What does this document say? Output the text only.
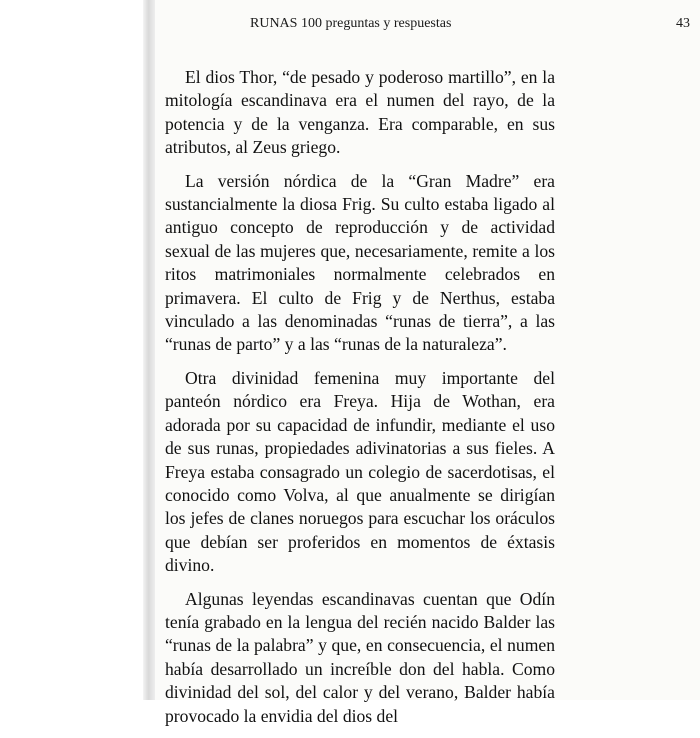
RUNAS 100 preguntas y respuestas	43

El dios Thor, “de pesado y poderoso martillo”, en la mitología escandinava era el numen del rayo, de la potencia y de la venganza. Era comparable, en sus atributos, al Zeus griego.

La versión nórdica de la “Gran Madre” era sustancialmente la diosa Frig. Su culto estaba ligado al antiguo concepto de reproducción y de actividad sexual de las mujeres que, necesariamente, remite a los ritos matrimoniales normalmente celebrados en primavera. El culto de Frig y de Nerthus, estaba vinculado a las denominadas “runas de tierra”, a las “runas de parto” y a las “runas de la naturaleza”.

Otra divinidad femenina muy importante del panteón nórdico era Freya. Hija de Wothan, era adorada por su capacidad de infundir, mediante el uso de sus runas, propiedades adivinatorias a sus fieles. A Freya estaba consagrado un colegio de sacerdotisas, el conocido como Volva, al que anualmente se dirigían los jefes de clanes noruegos para escuchar los oráculos que debían ser proferidos en momentos de éxtasis divino.

Algunas leyendas escandinavas cuentan que Odín tenía grabado en la lengua del recién nacido Balder las “runas de la palabra” y que, en consecuencia, el numen había desarrollado un increíble don del habla. Como divinidad del sol, del calor y del verano, Balder había provocado la envidia del dios del
